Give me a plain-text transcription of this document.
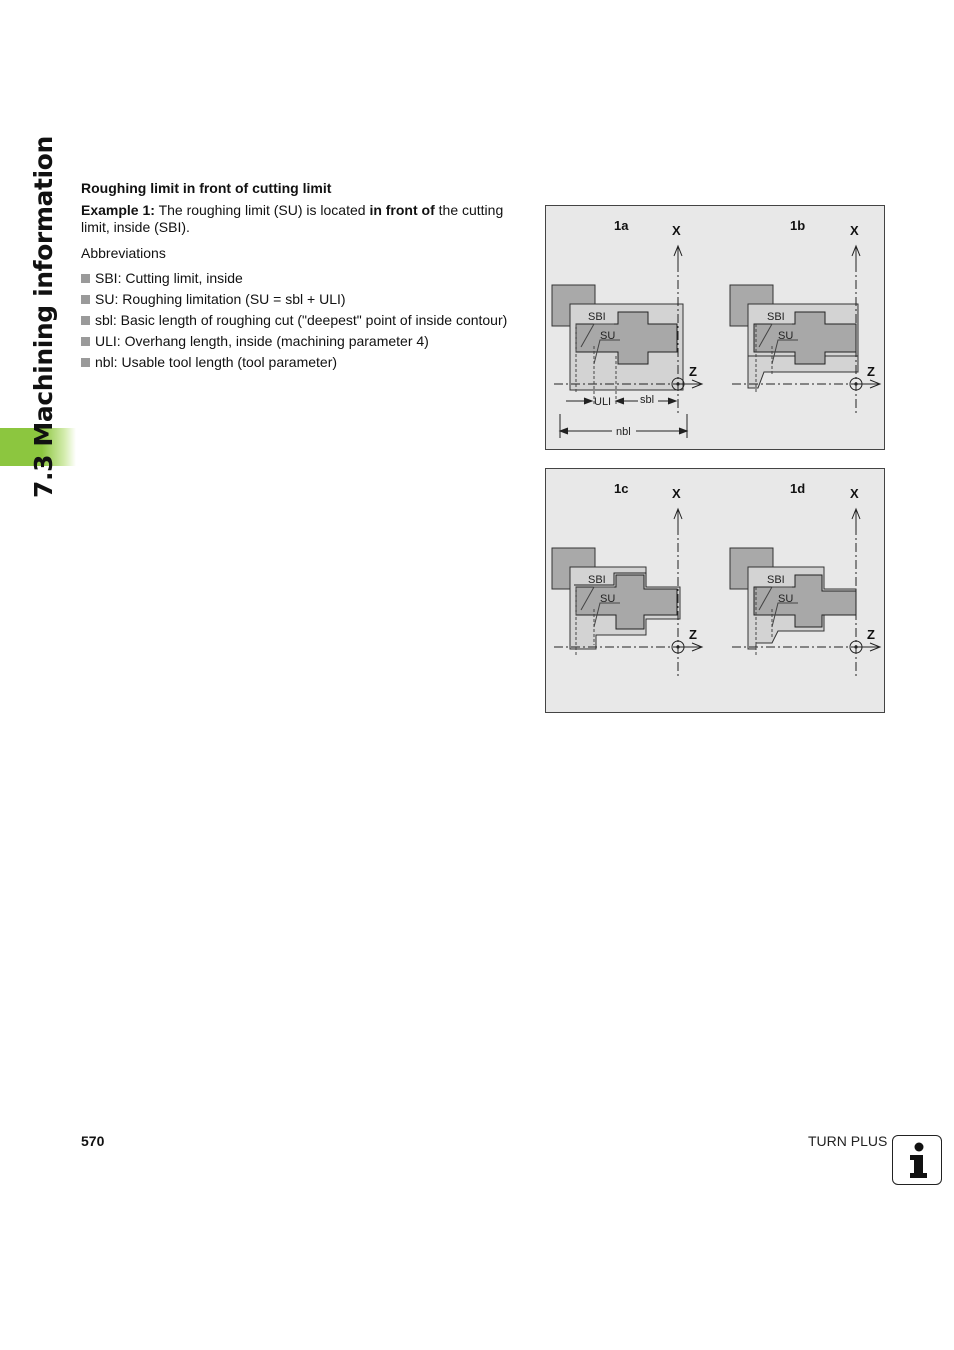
7.3 Machining information	Roughing limit in front of cutting limit

Example 1: The roughing limit (SU) is located in front of the cutting limit, inside (SBI).

Abbreviations

SBI: Cutting limit, inside
SU: Roughing limitation (SU = sbl + ULI)
sbl: Basic length of roughing cut ("deepest" point of inside contour)
ULI: Overhang length, inside (machining parameter 4)
nbl: Usable tool length (tool parameter)
1a	X
Z
SBI
SU
ULI	sbl
nbl
1b	X
Z
SBI
SU
1c	X
Z
SBI
SU
1d	X
Z
SBI
SU
570	TURN PLUS
